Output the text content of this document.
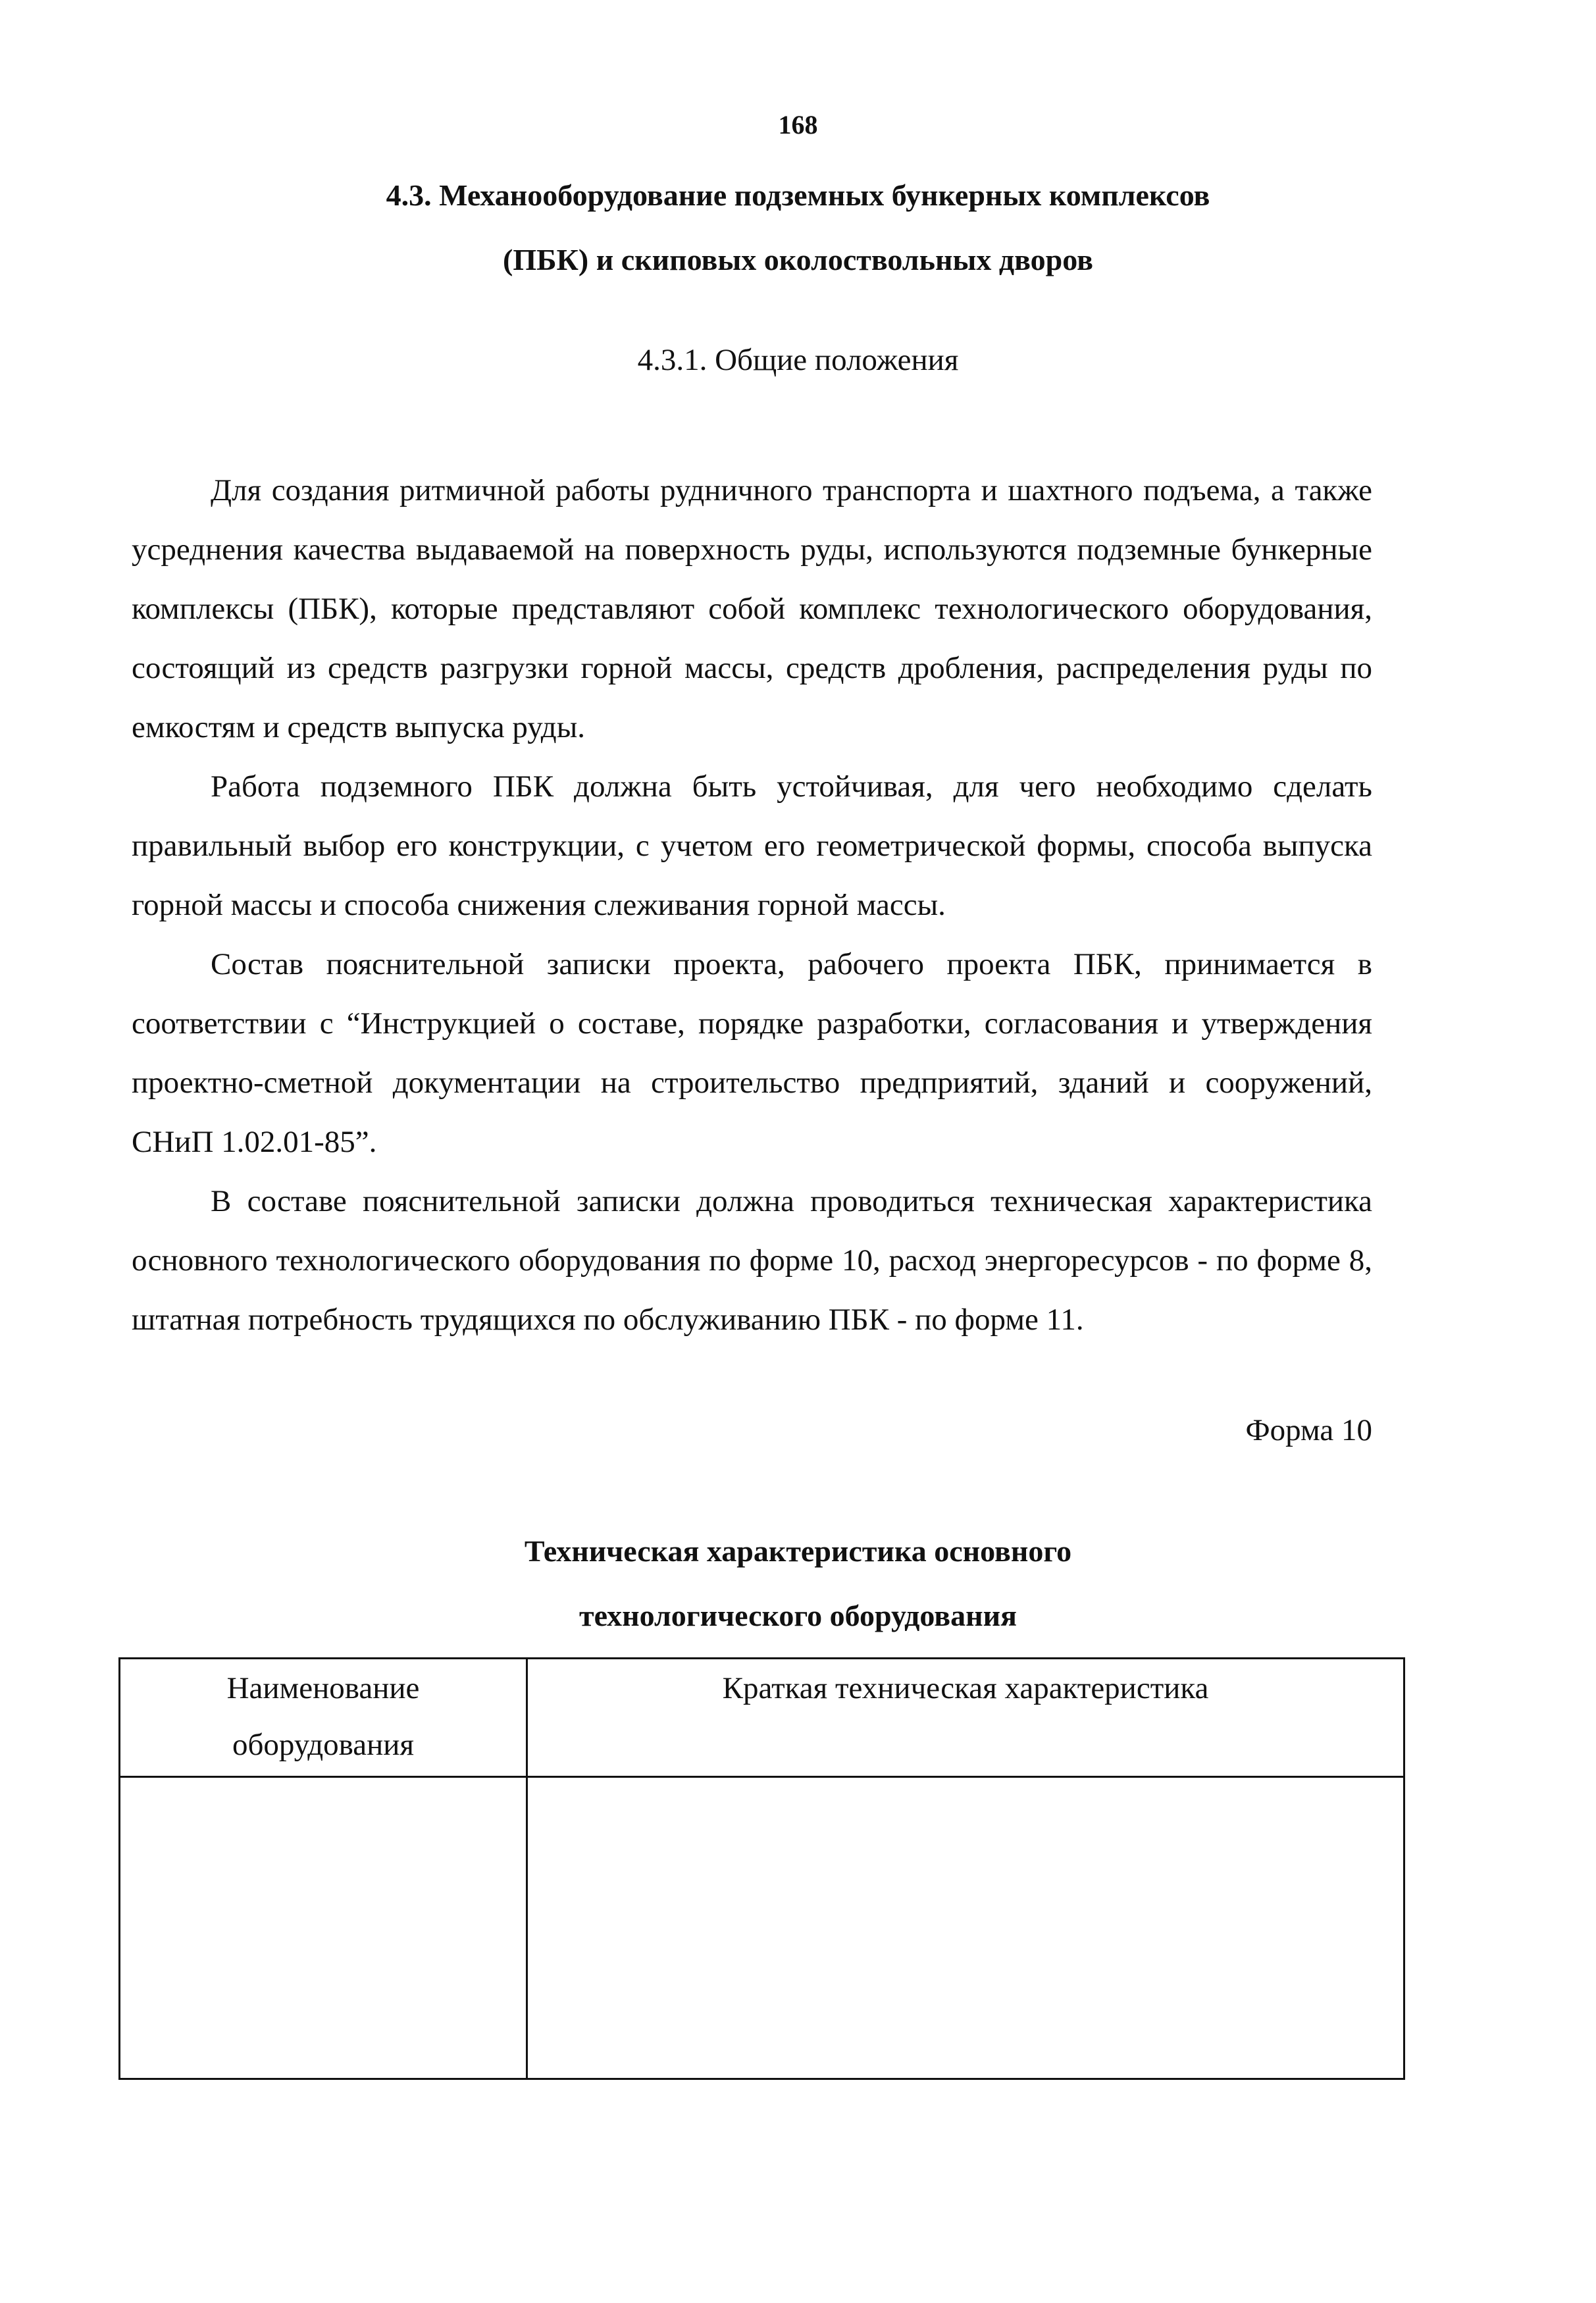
168
4.3. Механооборудование подземных бункерных комплексов
(ПБК) и скиповых околоствольных дворов
4.3.1. Общие положения

Для создания ритмичной работы рудничного транспорта и шахтного подъема, а также усреднения качества выдаваемой на поверхность руды, используются подземные бункерные комплексы (ПБК), которые представляют собой комплекс технологического оборудования, состоящий из средств разгрузки горной массы, средств дробления, распределения руды по емкостям и средств выпуска руды.

Работа подземного ПБК должна быть устойчивая, для чего необходимо сделать правильный выбор его конструкции, с учетом его геометрической формы, способа выпуска горной массы и способа снижения слеживания горной массы.

Состав пояснительной записки проекта, рабочего проекта ПБК, принимается в соответствии с “Инструкцией о составе, порядке разработки, согласования и утверждения проектно-сметной документации на строительство предприятий, зданий и сооружений, СНиП 1.02.01-85”.

В составе пояснительной записки должна проводиться техническая характеристика основного технологического оборудования по форме 10, расход энергоресурсов - по форме 8, штатная потребность трудящихся по обслуживанию ПБК - по форме 11.

Форма 10
Техническая характеристика основного
технологического оборудования
Наименование
оборудования	Краткая техническая характеристика
